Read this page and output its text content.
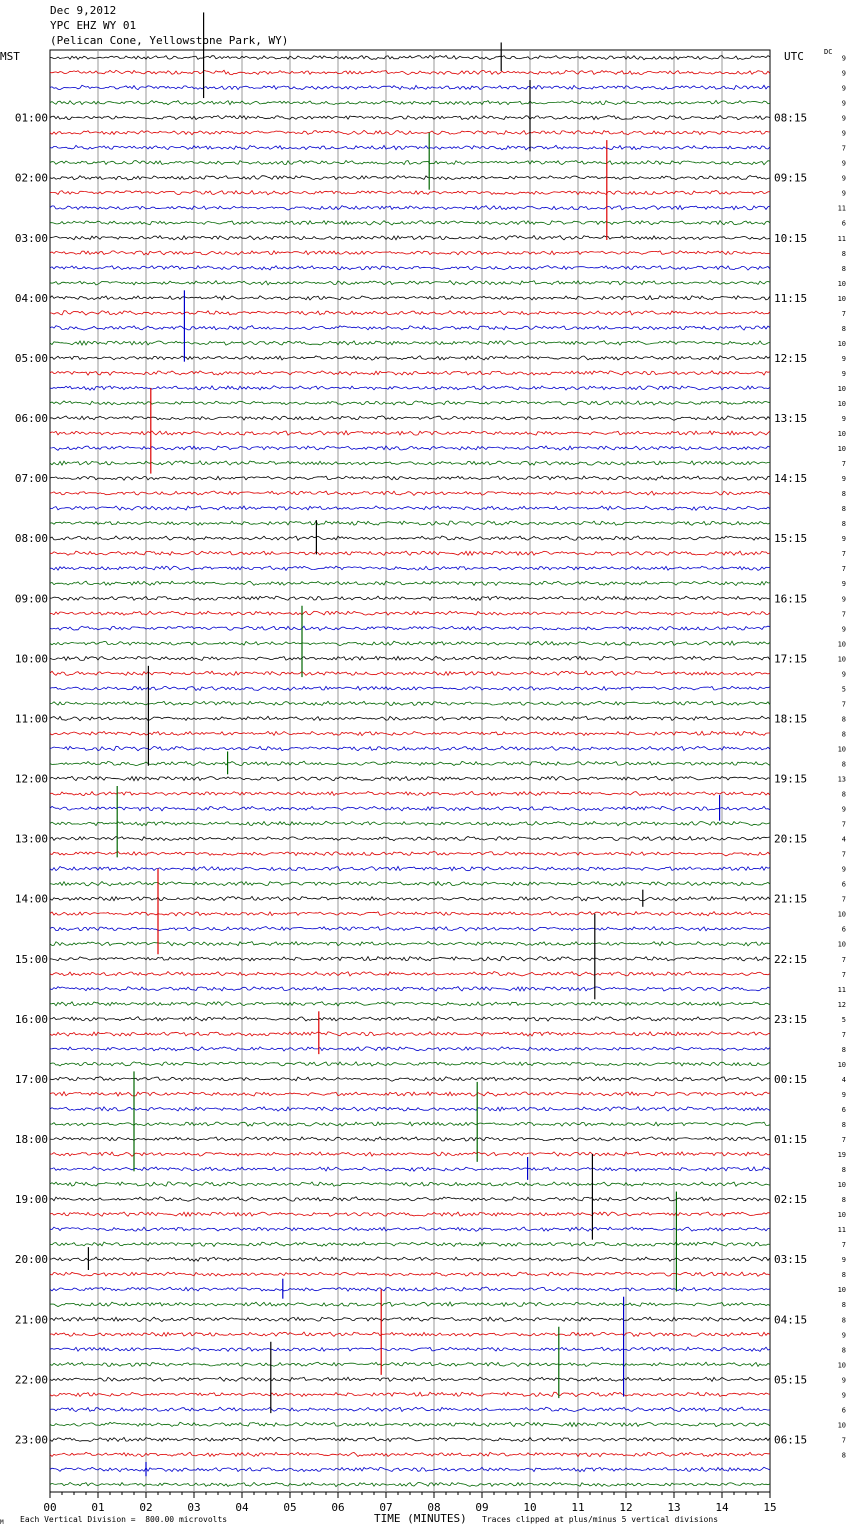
Dec 9,2012

YPC EHZ WY 01

(Pelican Cone, Yellowstone Park, WY)

MST	UTC	DC
01:00
02:00
03:00
04:00
05:00
06:00
07:00
08:00
09:00
10:00
11:00
12:00
13:00
14:00
15:00
16:00
17:00
18:00
19:00
20:00
21:00
22:00
23:00
08:15
09:15
10:15
11:15
12:15
13:15
14:15
15:15
16:15
17:15
18:15
19:15
20:15
21:15
22:15
23:15
00:15
01:15
02:15
03:15
04:15
05:15
06:15
9
9
9
9
9
9
7
9
9
9
11
6
11
8
8
10
10
7
8
10
9
9
10
10
9
10
10
7
9
8
8
8
9
7
7
9
9
7
9
10
10
9
5
7
8
8
10
8
13
8
9
7
4
7
9
6
7
10
6
10
7
7
11
12
5
7
8
10
4
9
6
8
7
19
8
10
8
10
11
7
9
8
10
8
8
9
8
10
9
9
6
10
7
8
00	01	02	03	04	05	06	07	08	09	10	11	12	13	14	15
M Each Vertical Division =  800.00 microvolts	TIME (MINUTES) Traces clipped at plus/minus 5 vertical divisions
